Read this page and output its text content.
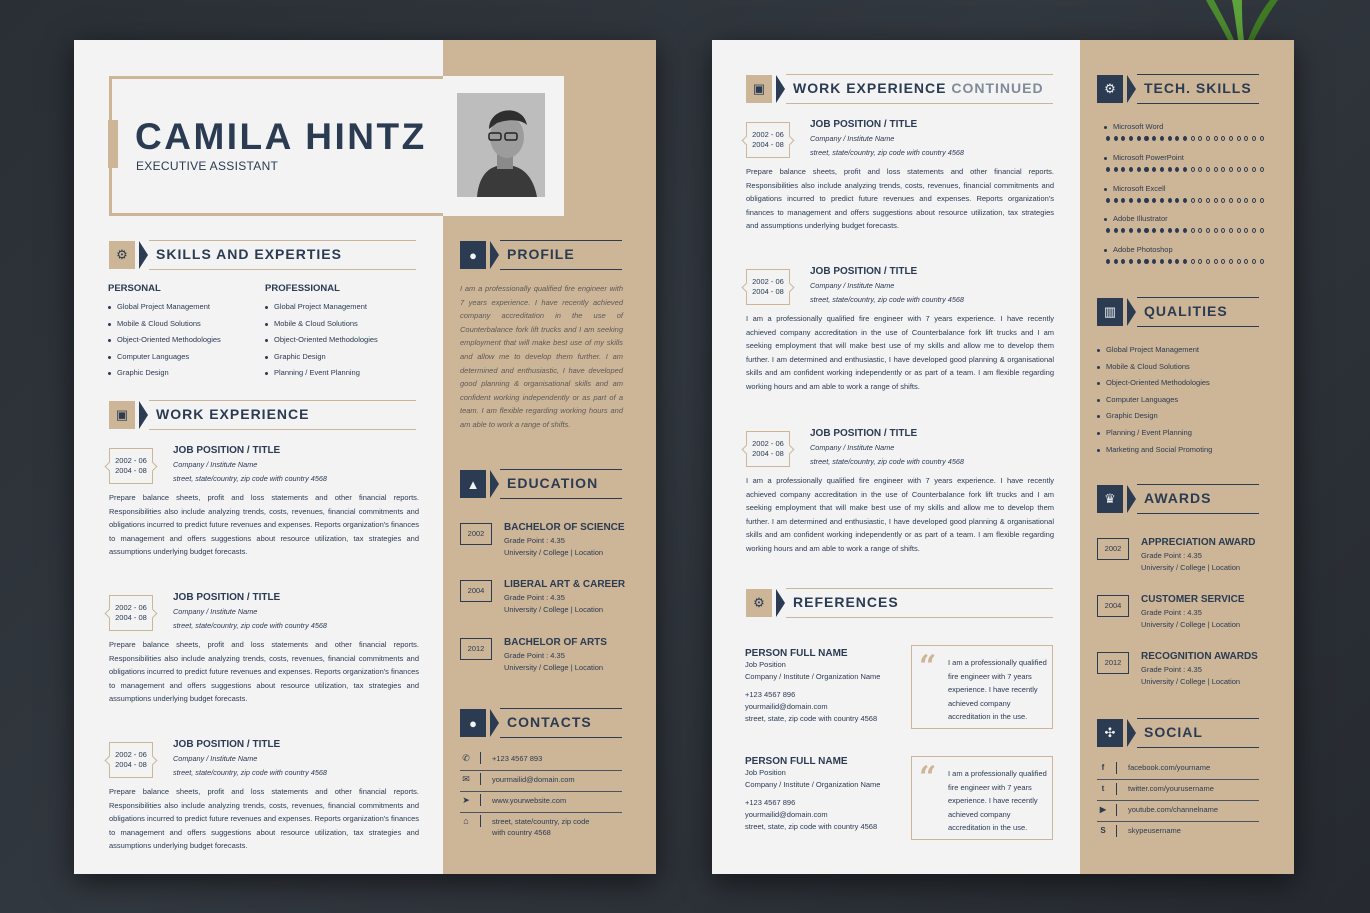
CAMILA HINTZ
EXECUTIVE ASSISTANT
⚙	SKILLS AND EXPERTIES
PERSONAL	PROFESSIONAL
Global Project Management
Mobile & Cloud Solutions
Object-Oriented Methodologies
Computer Languages
Graphic Design
Global Project Management
Mobile & Cloud Solutions
Object-Oriented Methodologies
Graphic Design
Planning / Event Planning
▣	WORK EXPERIENCE
2002 - 06
2004 - 08
JOB POSITION / TITLE
Company / Institute Name
street, state/country, zip code with country 4568
Prepare balance sheets, profit and loss statements and other financial reports. Responsibilities also include analyzing trends, costs, revenues, financial commitments and obligations incurred to predict future revenues and expenses. Reports organization's finances to management and offers suggestions about resource utilization, tax strategies and assumptions underlying budget forecasts.
2002 - 06
2004 - 08
JOB POSITION / TITLE
Company / Institute Name
street, state/country, zip code with country 4568
Prepare balance sheets, profit and loss statements and other financial reports. Responsibilities also include analyzing trends, costs, revenues, financial commitments and obligations incurred to predict future revenues and expenses. Reports organization's finances to management and offers suggestions about resource utilization, tax strategies and assumptions underlying budget forecasts.
2002 - 06
2004 - 08
JOB POSITION / TITLE
Company / Institute Name
street, state/country, zip code with country 4568
Prepare balance sheets, profit and loss statements and other financial reports. Responsibilities also include analyzing trends, costs, revenues, financial commitments and obligations incurred to predict future revenues and expenses. Reports organization's finances to management and offers suggestions about resource utilization, tax strategies and assumptions underlying budget forecasts.
●	PROFILE
I am a professionally qualified fire engineer with 7 years experience. I have recently achieved company accreditation in the use of Counterbalance fork lift trucks and I am seeking employment that will make best use of my skills and allow me to develop them further. I am determined and enthusiastic, I have developed good planning & organisational skills and am confident working independently or as part of a team. I am flexible regarding working hours and am able to work a range of shifts.
▲	EDUCATION
2002
BACHELOR OF SCIENCE
Grade Point : 4.35
University / College | Location
2004
LIBERAL ART & CAREER
Grade Point : 4.35
University / College | Location
2012
BACHELOR OF ARTS
Grade Point : 4.35
University / College | Location
●	CONTACTS
✆	+123 4567 893
✉	yourmailid@domain.com
➤	www.yourwebsite.com
⌂	street, state/country, zip code
with country 4568
▣	WORK EXPERIENCE CONTINUED
2002 - 06
2004 - 08
JOB POSITION / TITLE
Company / Institute Name
street, state/country, zip code with country 4568
Prepare balance sheets, profit and loss statements and other financial reports. Responsibilities also include analyzing trends, costs, revenues, financial commitments and obligations incurred to predict future revenues and expenses. Reports organization's finances to management and offers suggestions about resource utilization, tax strategies and assumptions underlying budget forecasts.
2002 - 06
2004 - 08
JOB POSITION / TITLE
Company / Institute Name
street, state/country, zip code with country 4568
I am a professionally qualified fire engineer with 7 years experience. I have recently achieved company accreditation in the use of Counterbalance fork lift trucks and I am seeking employment that will make best use of my skills and allow me to develop them further. I am determined and enthusiastic, I have developed good planning & organisational skills and am confident working independently or as part of a team. I am flexible regarding working hours and am able to work a range of shifts.
2002 - 06
2004 - 08
JOB POSITION / TITLE
Company / Institute Name
street, state/country, zip code with country 4568
I am a professionally qualified fire engineer with 7 years experience. I have recently achieved company accreditation in the use of Counterbalance fork lift trucks and I am seeking employment that will make best use of my skills and allow me to develop them further. I am determined and enthusiastic, I have developed good planning & organisational skills and am confident working independently or as part of a team. I am flexible regarding working hours and am able to work a range of shifts.
⚙	REFERENCES
PERSON FULL NAME
Job Position
Company / Institute / Organization Name
+123 4567 896
yourmailid@domain.com
street, state, zip code with country 4568
“ I am a professionally qualified fire engineer with 7 years experience. I have recently achieved company accreditation in the use.
PERSON FULL NAME
Job Position
Company / Institute / Organization Name
+123 4567 896
yourmailid@domain.com
street, state, zip code with country 4568
“ I am a professionally qualified fire engineer with 7 years experience. I have recently achieved company accreditation in the use.
⚙	TECH. SKILLS
Microsoft Word
Microsoft PowerPoint
Microsoft Excell
Adobe Illustrator
Adobe Photoshop
▥	QUALITIES
Global Project Management
Mobile & Cloud Solutions
Object-Oriented Methodologies
Computer Languages
Graphic Design
Planning / Event Planning
Marketing and Social Promoting
♛	AWARDS
2002
APPRECIATION AWARD
Grade Point : 4.35
University / College | Location
2004
CUSTOMER SERVICE
Grade Point : 4.35
University / College | Location
2012
RECOGNITION AWARDS
Grade Point : 4.35
University / College | Location
✣	SOCIAL
f	facebook.com/yourname
t	twitter.com/yourusername
▶	youtube.com/channelname
S	skypeusername
